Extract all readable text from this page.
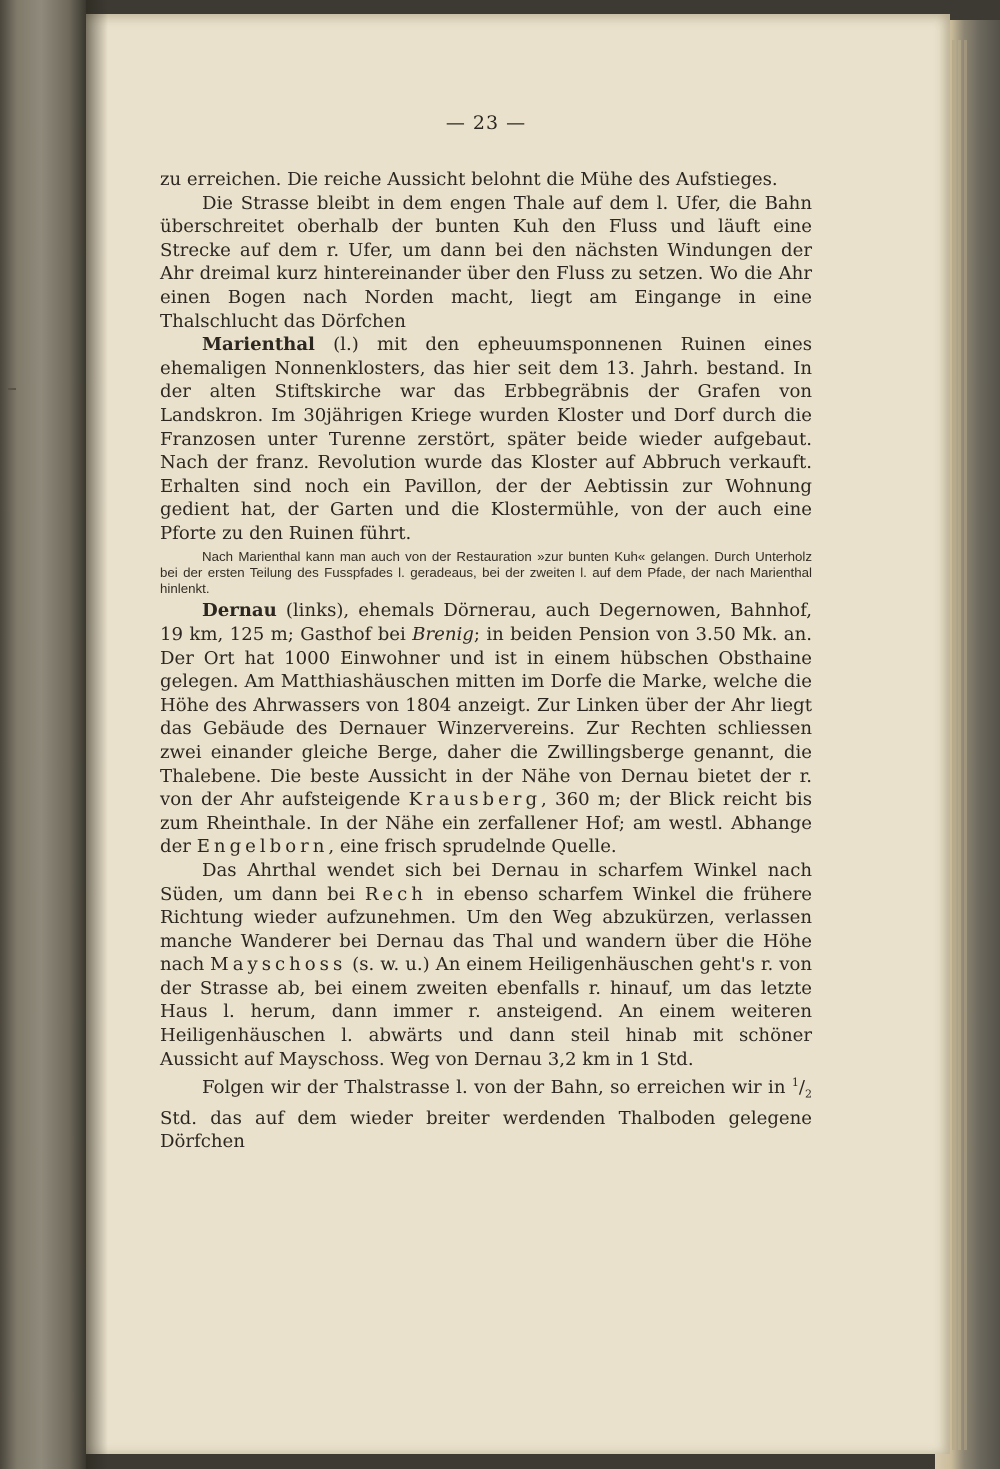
— 23 —

zu erreichen. Die reiche Aussicht belohnt die Mühe des Aufstieges.

Die Strasse bleibt in dem engen Thale auf dem l. Ufer, die Bahn überschreitet oberhalb der bunten Kuh den Fluss und läuft eine Strecke auf dem r. Ufer, um dann bei den nächsten Windungen der Ahr dreimal kurz hintereinander über den Fluss zu setzen. Wo die Ahr einen Bogen nach Norden macht, liegt am Eingange in eine Thalschlucht das Dörfchen

Marienthal (l.) mit den epheuumsponnenen Ruinen eines ehemaligen Nonnenklosters, das hier seit dem 13. Jahrh. bestand. In der alten Stiftskirche war das Erbbegräbnis der Grafen von Landskron. Im 30jährigen Kriege wurden Kloster und Dorf durch die Franzosen unter Turenne zerstört, später beide wieder aufgebaut. Nach der franz. Revolution wurde das Kloster auf Abbruch verkauft. Erhalten sind noch ein Pavillon, der der Aebtissin zur Wohnung gedient hat, der Garten und die Klostermühle, von der auch eine Pforte zu den Ruinen führt.

Nach Marienthal kann man auch von der Restauration »zur bunten Kuh« gelangen. Durch Unterholz bei der ersten Teilung des Fusspfades l. geradeaus, bei der zweiten l. auf dem Pfade, der nach Marienthal hinlenkt.

Dernau (links), ehemals Dörnerau, auch Degernowen, Bahnhof, 19 km, 125 m; Gasthof bei Brenig; in beiden Pension von 3.50 Mk. an. Der Ort hat 1000 Einwohner und ist in einem hübschen Obsthaine gelegen. Am Matthiashäuschen mitten im Dorfe die Marke, welche die Höhe des Ahrwassers von 1804 anzeigt. Zur Linken über der Ahr liegt das Gebäude des Dernauer Winzervereins. Zur Rechten schliessen zwei einander gleiche Berge, daher die Zwillingsberge genannt, die Thalebene. Die beste Aussicht in der Nähe von Dernau bietet der r. von der Ahr aufsteigende Krausberg, 360 m; der Blick reicht bis zum Rheinthale. In der Nähe ein zerfallener Hof; am westl. Abhange der Engelborn, eine frisch sprudelnde Quelle.

Das Ahrthal wendet sich bei Dernau in scharfem Winkel nach Süden, um dann bei Rech in ebenso scharfem Winkel die frühere Richtung wieder aufzunehmen. Um den Weg abzukürzen, verlassen manche Wanderer bei Dernau das Thal und wandern über die Höhe nach Mayschoss (s. w. u.) An einem Heiligenhäuschen geht's r. von der Strasse ab, bei einem zweiten ebenfalls r. hinauf, um das letzte Haus l. herum, dann immer r. ansteigend. An einem weiteren Heiligenhäuschen l. abwärts und dann steil hinab mit schöner Aussicht auf Mayschoss. Weg von Dernau 3,2 km in 1 Std.

Folgen wir der Thalstrasse l. von der Bahn, so erreichen wir in $^1/_2$ Std. das auf dem wieder breiter werdenden Thalboden gelegene Dörfchen
